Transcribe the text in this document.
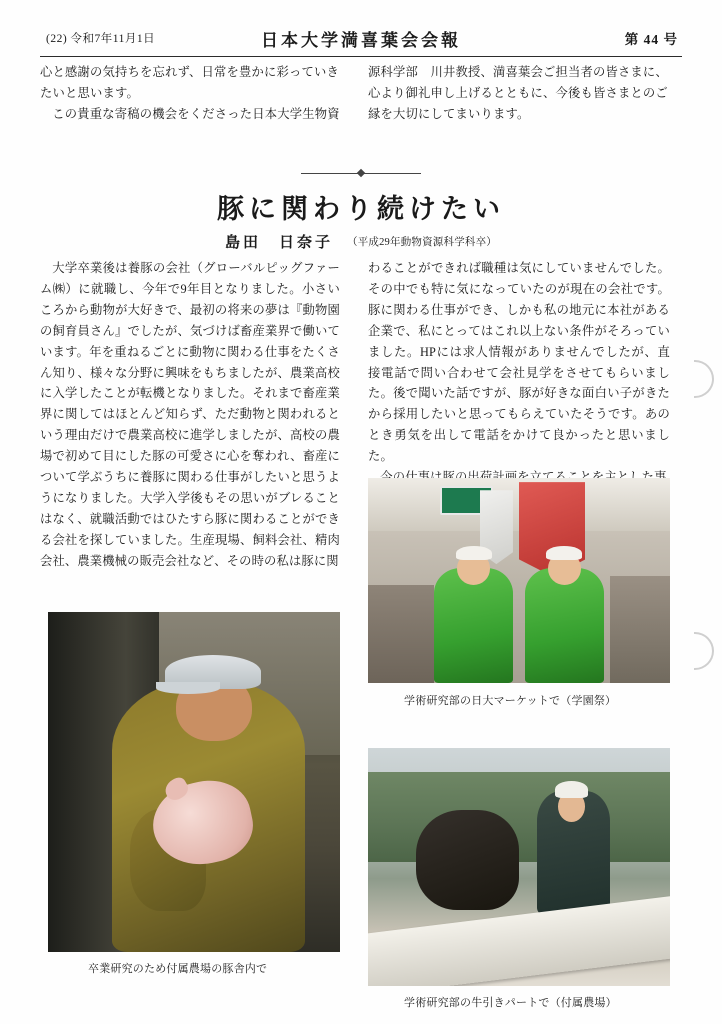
(22) 令和7年11月1日	日本大学満喜葉会会報	第 44 号

心と感謝の気持ちを忘れず、日常を豊かに彩っていきたいと思います。

この貴重な寄稿の機会をくださった日本大学生物資

源科学部　川井教授、満喜葉会ご担当者の皆さまに、心より御礼申し上げるとともに、今後も皆さまとのご縁を大切にしてまいります。

豚に関わり続けたい
島田　日奈子 （平成29年動物資源科学科卒）

大学卒業後は養豚の会社（グローバルピッグファーム㈱）に就職し、今年で9年目となりました。小さいころから動物が大好きで、最初の将来の夢は『動物園の飼育員さん』でしたが、気づけば畜産業界で働いています。年を重ねるごとに動物に関わる仕事をたくさん知り、様々な分野に興味をもちましたが、農業高校に入学したことが転機となりました。それまで畜産業界に関してはほとんど知らず、ただ動物と関われるという理由だけで農業高校に進学しましたが、高校の農場で初めて目にした豚の可愛さに心を奪われ、畜産について学ぶうちに養豚に関わる仕事がしたいと思うようになりました。大学入学後もその思いがブレることはなく、就職活動ではひたすら豚に関わることができる会社を探していました。生産現場、飼料会社、精肉会社、農業機械の販売会社など、その時の私は豚に関

わることができれば職種は気にしていませんでした。その中でも特に気になっていたのが現在の会社です。豚に関わる仕事ができ、しかも私の地元に本社がある企業で、私にとってはこれ以上ない条件がそろっていました。HPには求人情報がありませんでしたが、直接電話で問い合わせて会社見学をさせてもらいました。後で聞いた話ですが、豚が好きな面白い子がきたから採用したいと思ってもらえていたそうです。あのとき勇気を出して電話をかけて良かったと思いました。

卒業研究のため付属農場の豚舎内で
学術研究部の日大マーケットで（学園祭）
学術研究部の牛引きパートで（付属農場）
